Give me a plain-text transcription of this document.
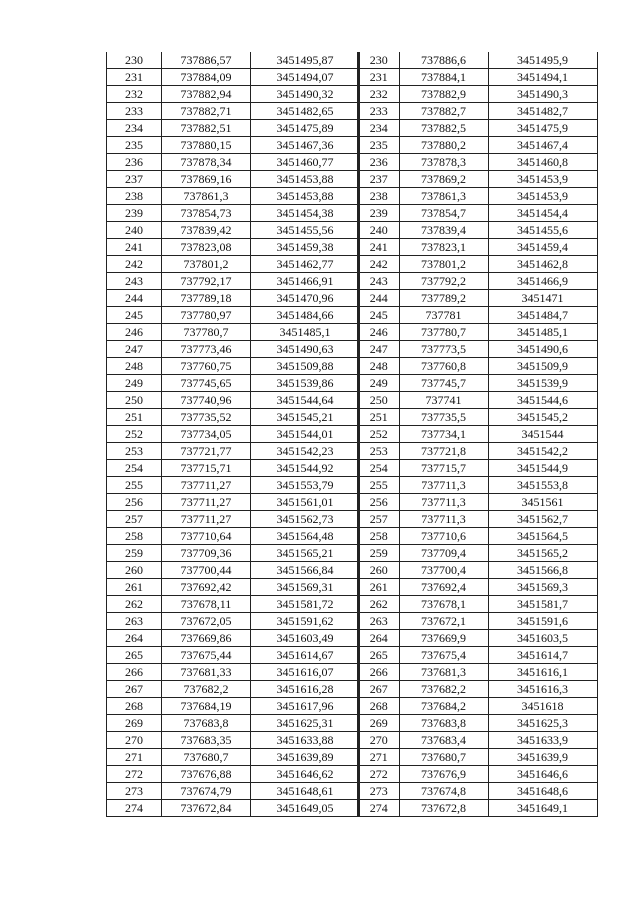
230	737886,57	3451495,87
231	737884,09	3451494,07
232	737882,94	3451490,32
233	737882,71	3451482,65
234	737882,51	3451475,89
235	737880,15	3451467,36
236	737878,34	3451460,77
237	737869,16	3451453,88
238	737861,3	3451453,88
239	737854,73	3451454,38
240	737839,42	3451455,56
241	737823,08	3451459,38
242	737801,2	3451462,77
243	737792,17	3451466,91
244	737789,18	3451470,96
245	737780,97	3451484,66
246	737780,7	3451485,1
247	737773,46	3451490,63
248	737760,75	3451509,88
249	737745,65	3451539,86
250	737740,96	3451544,64
251	737735,52	3451545,21
252	737734,05	3451544,01
253	737721,77	3451542,23
254	737715,71	3451544,92
255	737711,27	3451553,79
256	737711,27	3451561,01
257	737711,27	3451562,73
258	737710,64	3451564,48
259	737709,36	3451565,21
260	737700,44	3451566,84
261	737692,42	3451569,31
262	737678,11	3451581,72
263	737672,05	3451591,62
264	737669,86	3451603,49
265	737675,44	3451614,67
266	737681,33	3451616,07
267	737682,2	3451616,28
268	737684,19	3451617,96
269	737683,8	3451625,31
270	737683,35	3451633,88
271	737680,7	3451639,89
272	737676,88	3451646,62
273	737674,79	3451648,61
274	737672,84	3451649,05
230	737886,6	3451495,9
231	737884,1	3451494,1
232	737882,9	3451490,3
233	737882,7	3451482,7
234	737882,5	3451475,9
235	737880,2	3451467,4
236	737878,3	3451460,8
237	737869,2	3451453,9
238	737861,3	3451453,9
239	737854,7	3451454,4
240	737839,4	3451455,6
241	737823,1	3451459,4
242	737801,2	3451462,8
243	737792,2	3451466,9
244	737789,2	3451471
245	737781	3451484,7
246	737780,7	3451485,1
247	737773,5	3451490,6
248	737760,8	3451509,9
249	737745,7	3451539,9
250	737741	3451544,6
251	737735,5	3451545,2
252	737734,1	3451544
253	737721,8	3451542,2
254	737715,7	3451544,9
255	737711,3	3451553,8
256	737711,3	3451561
257	737711,3	3451562,7
258	737710,6	3451564,5
259	737709,4	3451565,2
260	737700,4	3451566,8
261	737692,4	3451569,3
262	737678,1	3451581,7
263	737672,1	3451591,6
264	737669,9	3451603,5
265	737675,4	3451614,7
266	737681,3	3451616,1
267	737682,2	3451616,3
268	737684,2	3451618
269	737683,8	3451625,3
270	737683,4	3451633,9
271	737680,7	3451639,9
272	737676,9	3451646,6
273	737674,8	3451648,6
274	737672,8	3451649,1
